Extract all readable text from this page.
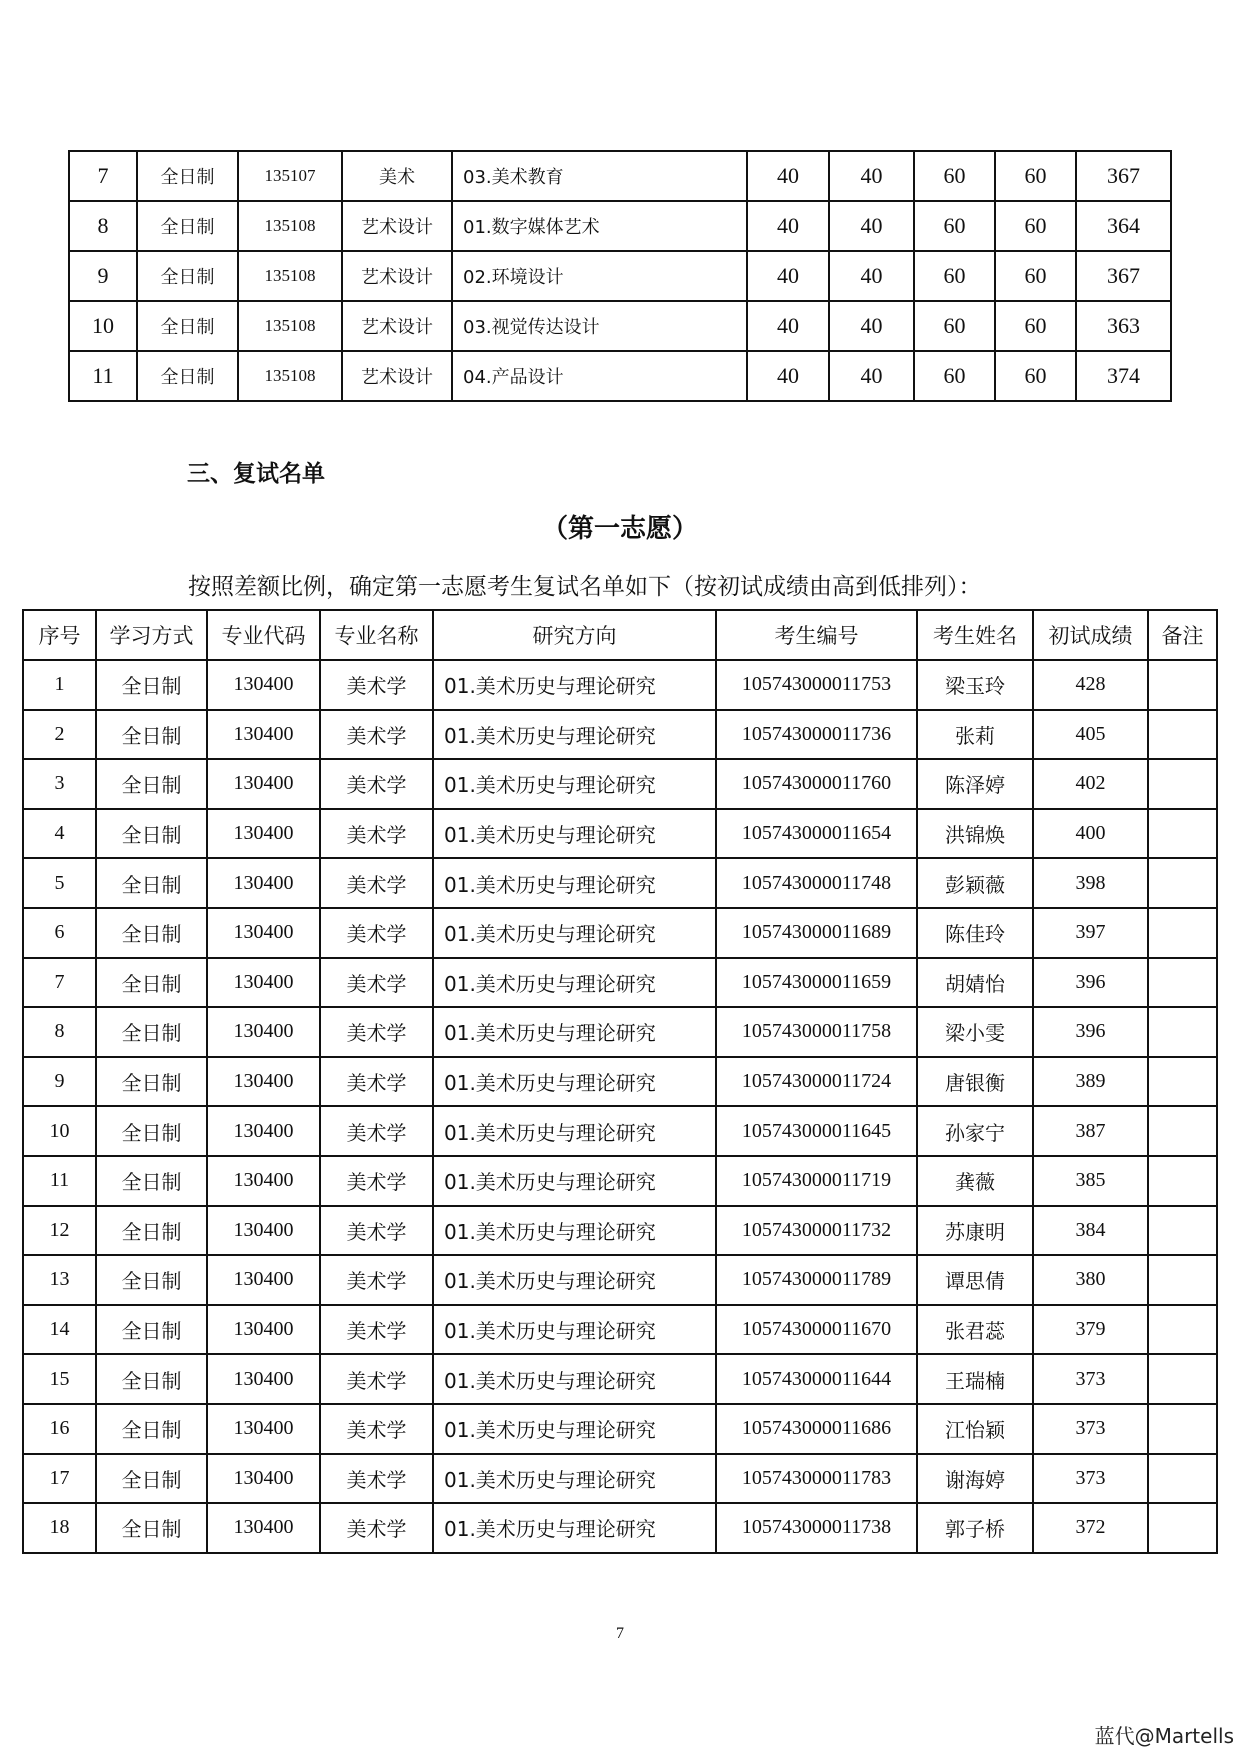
7	全日制	135107	美术	03.美术教育	40	40	60	60	367
8	全日制	135108	艺术设计	01.数字媒体艺术	40	40	60	60	364
9	全日制	135108	艺术设计	02.环境设计	40	40	60	60	367
10	全日制	135108	艺术设计	03.视觉传达设计	40	40	60	60	363
11	全日制	135108	艺术设计	04.产品设计	40	40	60	60	374
三、复试名单
（第一志愿）
按照差额比例，确定第一志愿考生复试名单如下（按初试成绩由高到低排列）：
序号	学习方式	专业代码	专业名称	研究方向	考生编号	考生姓名	初试成绩	备注
1	全日制	130400	美术学	01.美术历史与理论研究	105743000011753	梁玉玲	428	
2	全日制	130400	美术学	01.美术历史与理论研究	105743000011736	张莉	405	
3	全日制	130400	美术学	01.美术历史与理论研究	105743000011760	陈泽婷	402	
4	全日制	130400	美术学	01.美术历史与理论研究	105743000011654	洪锦焕	400	
5	全日制	130400	美术学	01.美术历史与理论研究	105743000011748	彭颖薇	398	
6	全日制	130400	美术学	01.美术历史与理论研究	105743000011689	陈佳玲	397	
7	全日制	130400	美术学	01.美术历史与理论研究	105743000011659	胡婧怡	396	
8	全日制	130400	美术学	01.美术历史与理论研究	105743000011758	梁小雯	396	
9	全日制	130400	美术学	01.美术历史与理论研究	105743000011724	唐银衡	389	
10	全日制	130400	美术学	01.美术历史与理论研究	105743000011645	孙家宁	387	
11	全日制	130400	美术学	01.美术历史与理论研究	105743000011719	龚薇	385	
12	全日制	130400	美术学	01.美术历史与理论研究	105743000011732	苏康明	384	
13	全日制	130400	美术学	01.美术历史与理论研究	105743000011789	谭思倩	380	
14	全日制	130400	美术学	01.美术历史与理论研究	105743000011670	张君蕊	379	
15	全日制	130400	美术学	01.美术历史与理论研究	105743000011644	王瑞楠	373	
16	全日制	130400	美术学	01.美术历史与理论研究	105743000011686	江怡颖	373	
17	全日制	130400	美术学	01.美术历史与理论研究	105743000011783	谢海婷	373	
18	全日制	130400	美术学	01.美术历史与理论研究	105743000011738	郭子桥	372	
7
蓝代@Martells
